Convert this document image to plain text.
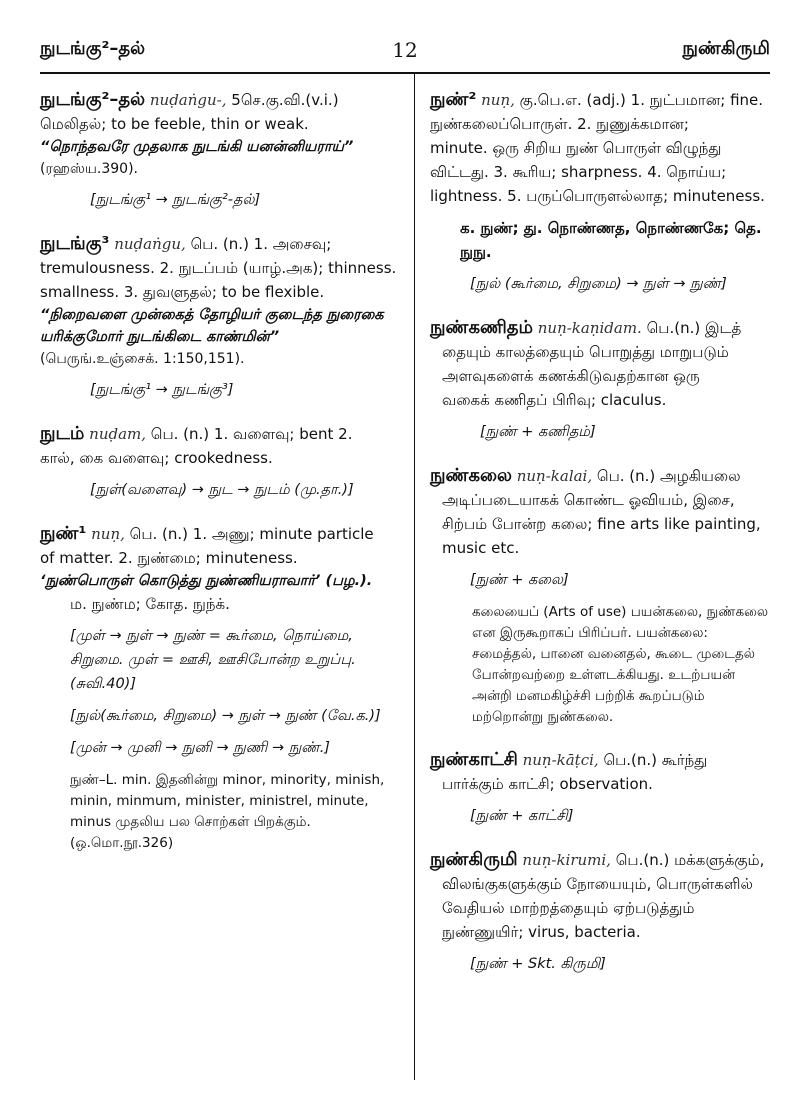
நுடங்கு²–தல்	12	நுண்கிருமி
நுடங்கு²–தல் nuḍaṅgu-, 5செ.கு.வி.(v.i.)
மெலிதல்; to be feeble, thin or weak.
“நொந்தவரே முதலாக நுடங்கி யனன்னியராய்”
(ரஹஸ்ய.390).
[நுடங்கு¹ → நுடங்கு²-தல்]
நுடங்கு³ nuḍaṅgu, பெ. (n.) 1. அசைவு;
tremulousness. 2. நுடப்பம் (யாழ்.அக); thinness.
smallness. 3. துவளுதல்; to be flexible.
“நிறைவளை முன்கைத் தோழியர் குடைந்த நுரைகை யரிக்குமோர் நுடங்கிடை காண்மின்”
(பெருங்.உஞ்சைக். 1:150,151).
[நுடங்கு¹ → நுடங்கு³]
நுடம் nuḍam, பெ. (n.) 1. வளைவு; bent 2.
கால், கை வளைவு; crookedness.
[நுள்(வளைவு) → நுட → நுடம் (மு.தா.)]
நுண்¹ nuṇ, பெ. (n.) 1. அணு; minute particle
of matter. 2. நுண்மை; minuteness.
‘நுண்பொருள் கொடுத்து நுண்ணியராவார்’ (பழ.).
ம. நுண்ம; கோத. நுந்க்.
[முள் → நுள் → நுண் = கூர்மை, நொய்மை, சிறுமை. முள் = ஊசி, ஊசிபோன்ற உறுப்பு. (சுவி.40)]
[நுல்(கூர்மை, சிறுமை) → நுள் → நுண் (வே.க.)]
[முன் → முனி → நுனி → நுணி → நுண்.]
நுண்–L. min. இதனின்று minor, minority, minish, minin, minmum, minister, ministrel, minute, minus முதலிய பல சொற்கள் பிறக்கும். (ஒ.மொ.நூ.326)
நுண்² nuṇ, கு.பெ.எ. (adj.) 1. நுட்பமான; fine.
நுண்கலைப்பொருள். 2. நுணுக்கமான;
minute. ஒரு சிறிய நுண் பொருள் விழுந்து
விட்டது. 3. கூரிய; sharpness. 4. நொய்ய;
lightness. 5. பருப்பொருளல்லாத; minuteness.
க. நுண்; து. நொண்ணத, நொண்ணகே; தெ. நுநு.
[நுல் (கூர்மை, சிறுமை) → நுள் → நுண்]
நுண்கணிதம் nuṇ-kaṇidam. பெ.(n.) இடத்
தையும் காலத்தையும் பொறுத்து மாறுபடும்
அளவுகளைக் கணக்கிடுவதற்கான ஒரு
வகைக் கணிதப் பிரிவு; claculus.
[நுண் + கணிதம்]
நுண்கலை nuṇ-kalai, பெ. (n.) அழகியலை
அடிப்படையாகக் கொண்ட ஓவியம், இசை,
சிற்பம் போன்ற கலை; fine arts like painting,
music etc.
[நுண் + கலை]
கலையைப் (Arts of use) பயன்கலை, நுண்கலை என இருகூறாகப் பிரிப்பர். பயன்கலை: சமைத்தல், பானை வனைதல், கூடை முடைதல் போன்றவற்றை உள்ளடக்கியது. உடற்பயன் அன்றி மனமகிழ்ச்சி பற்றிக் கூறப்படும் மற்றொன்று நுண்கலை.
நுண்காட்சி nuṇ-kāṭci, பெ.(n.) கூர்ந்து
பார்க்கும் காட்சி; observation.
[நுண் + காட்சி]
நுண்கிருமி nuṇ-kirumi, பெ.(n.) மக்களுக்கும்,
விலங்குகளுக்கும் நோயையும், பொருள்களில்
வேதியல் மாற்றத்தையும் ஏற்படுத்தும்
நுண்ணுயிர்; virus, bacteria.
[நுண் + Skt. கிருமி]
